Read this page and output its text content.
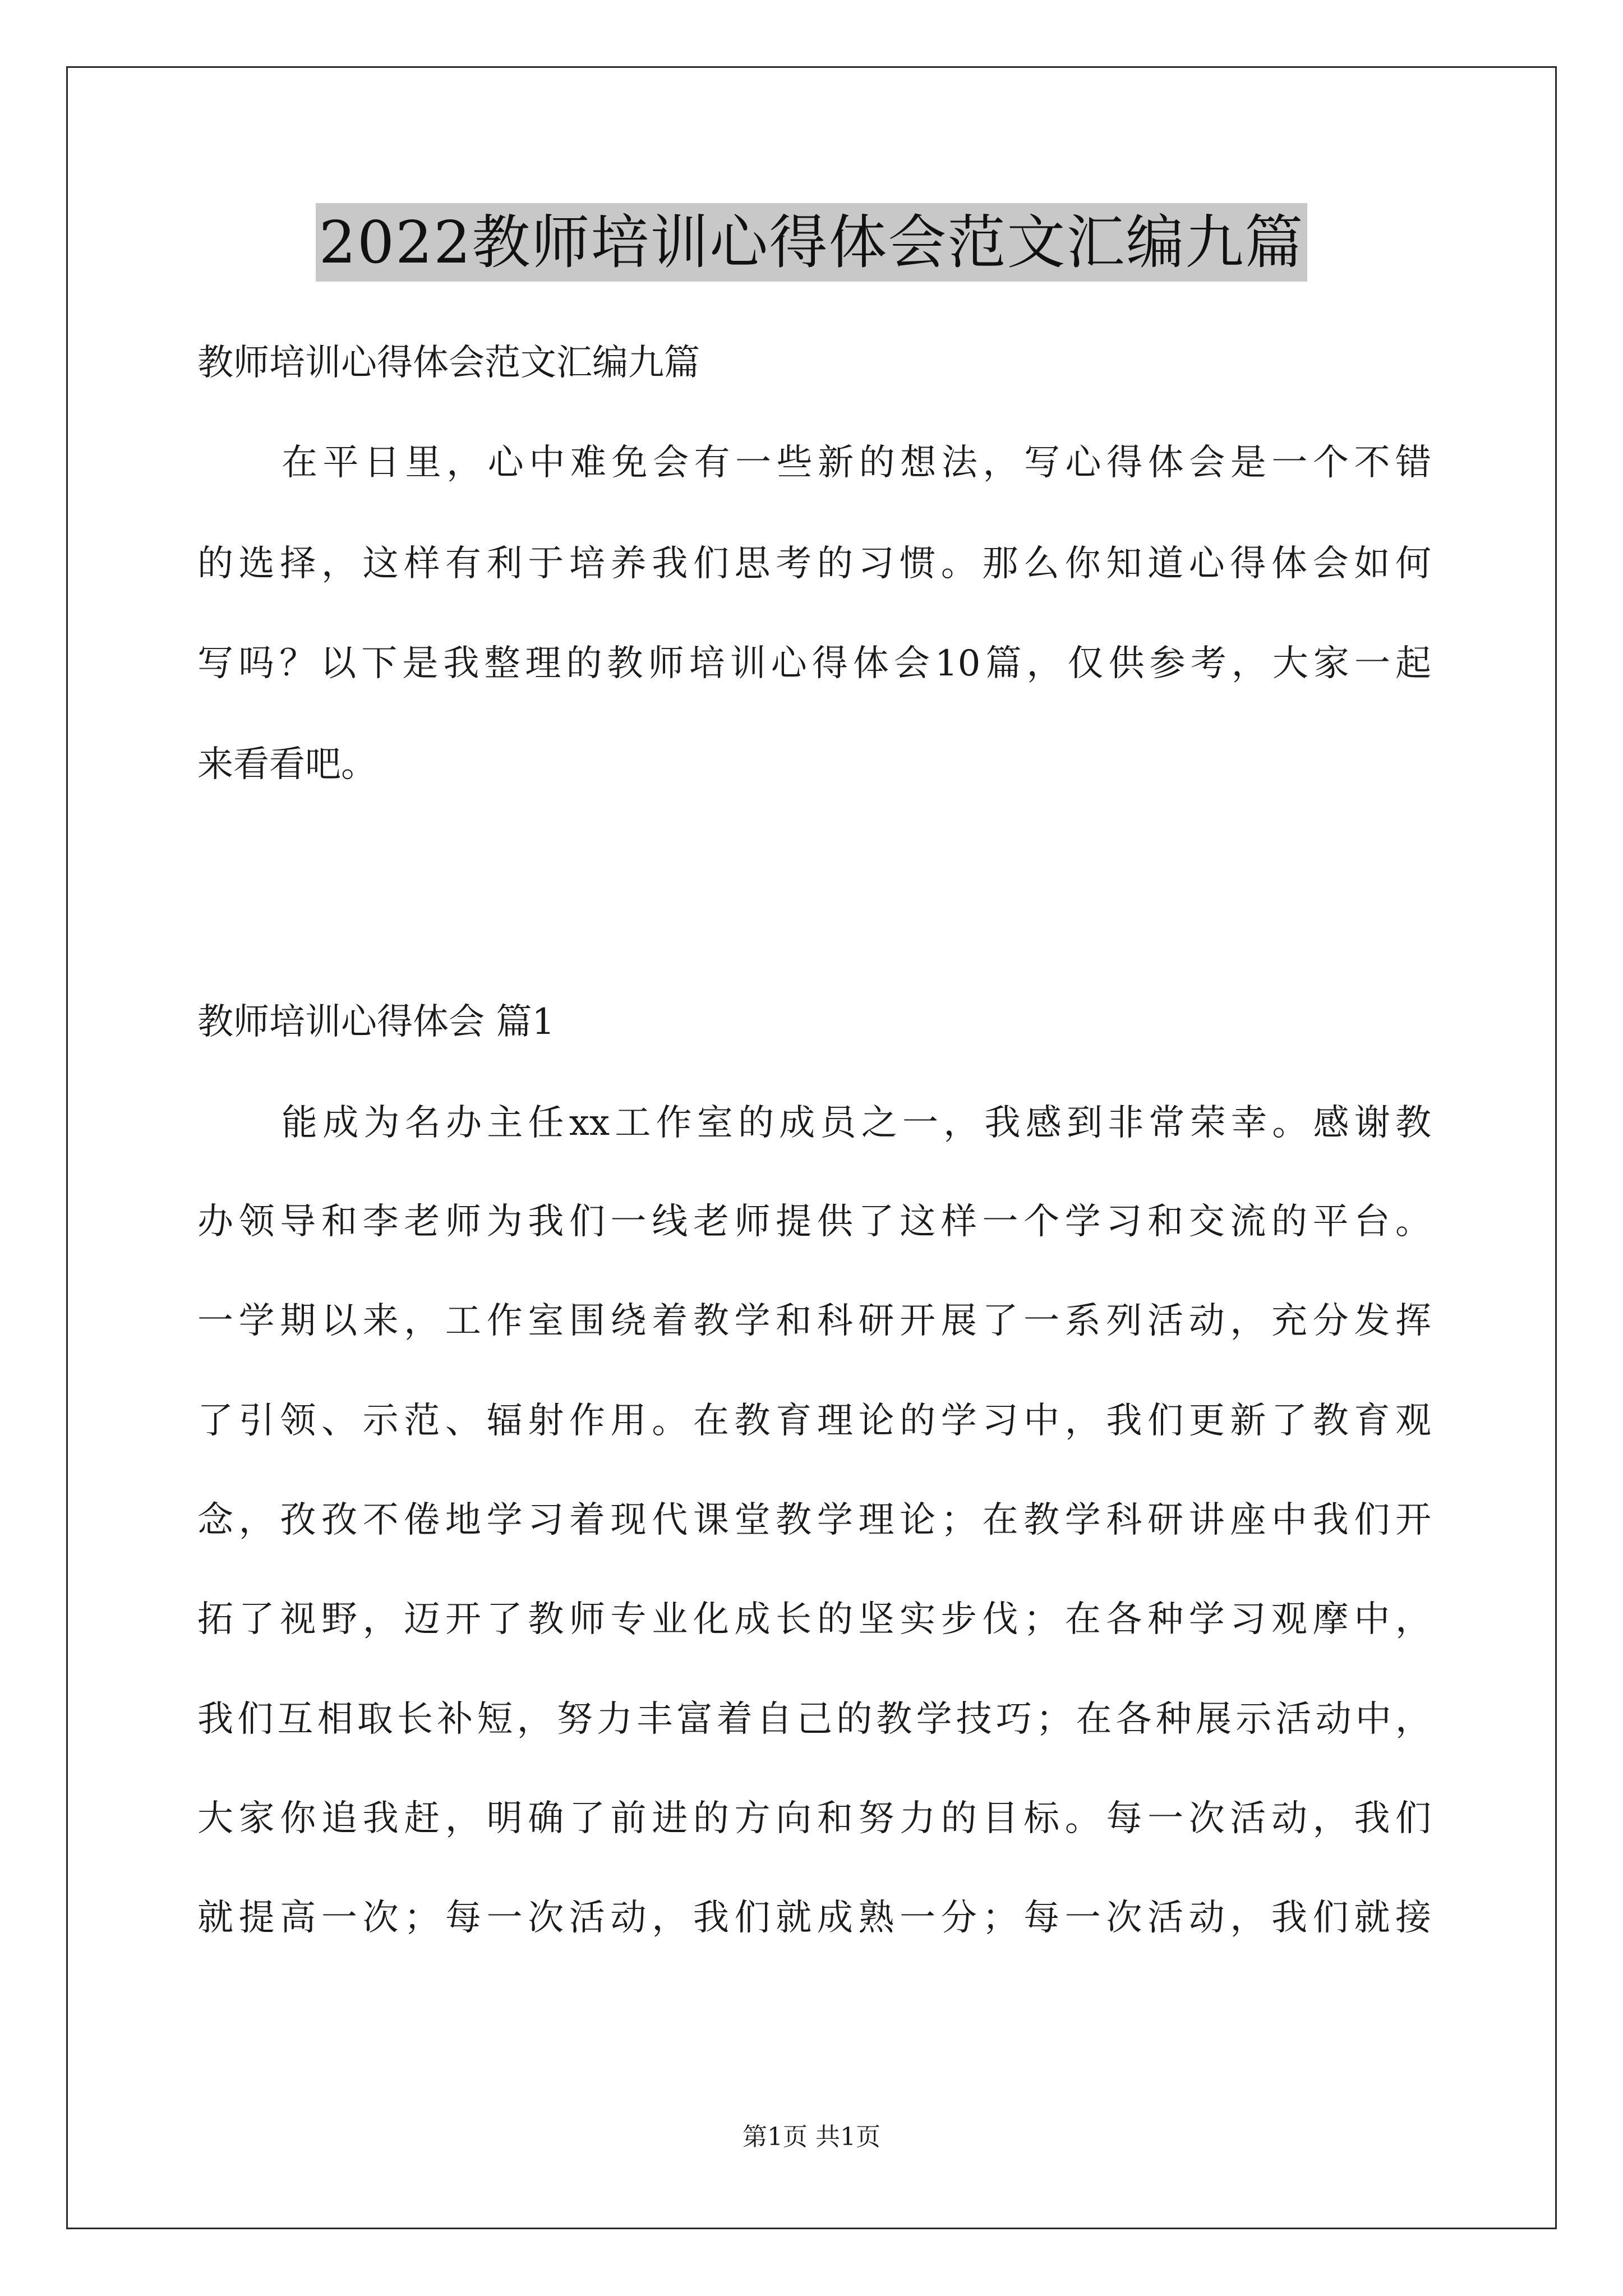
2022教师培训心得体会范文汇编九篇
教师培训心得体会范文汇编九篇
在平日里，心中难免会有一些新的想法，写心得体会是一个不错
的选择，这样有利于培养我们思考的习惯。那么你知道心得体会如何
写吗？以下是我整理的教师培训心得体会10篇，仅供参考，大家一起
来看看吧。
教师培训心得体会 篇1
能成为名办主任xx工作室的成员之一，我感到非常荣幸。感谢教
办领导和李老师为我们一线老师提供了这样一个学习和交流的平台。
一学期以来，工作室围绕着教学和科研开展了一系列活动，充分发挥
了引领、示范、辐射作用。在教育理论的学习中，我们更新了教育观
念，孜孜不倦地学习着现代课堂教学理论；在教学科研讲座中我们开
拓了视野，迈开了教师专业化成长的坚实步伐；在各种学习观摩中，
我们互相取长补短，努力丰富着自己的教学技巧；在各种展示活动中，
大家你追我赶，明确了前进的方向和努力的目标。每一次活动，我们
就提高一次；每一次活动，我们就成熟一分；每一次活动，我们就接
第1页 共1页
